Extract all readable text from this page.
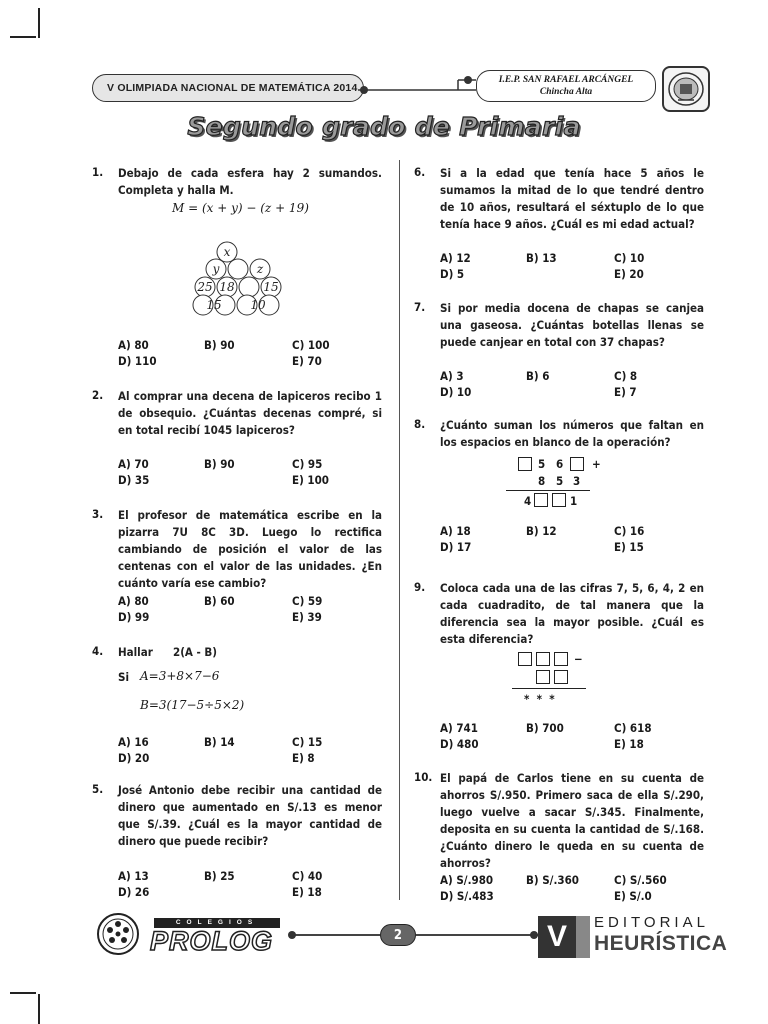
V OLIMPIADA NACIONAL DE MATEMÁTICA 2014
I.E.P. SAN RAFAEL ARCÁNGEL
Chincha Alta
Segundo grado de Primaria
1. Debajo de cada esfera hay 2 sumandos. Completa y halla M.
M = (x + y) − (z + 19)
x
y	z
25 18 15
15 10
A) 80	B) 90	C) 100
D) 110	E) 70
2. Al comprar una decena de lapiceros recibo 1 de obsequio. ¿Cuántas decenas compré, si en total recibí 1045 lapiceros?
A) 70	B) 90	C) 95
D) 35	E) 100
3. El profesor de matemática escribe en la pizarra 7U 8C 3D. Luego lo rectifica cambiando de posición el valor de las centenas con el valor de las unidades. ¿En cuánto varía ese cambio?
A) 80	B) 60	C) 59
D) 99	E) 39
4. Hallar 2(A - B)
Si A=3+8×7−6
B=3(17−5÷5×2)
A) 16	B) 14	C) 15
D) 20	E) 8
5. José Antonio debe recibir una cantidad de dinero que aumentado en S/.13 es menor que S/.39. ¿Cuál es la mayor cantidad de dinero que puede recibir?
A) 13	B) 25	C) 40
D) 26	E) 18
6. Si a la edad que tenía hace 5 años le sumamos la mitad de lo que tendré dentro de 10 años, resultará el séxtuplo de lo que tenía hace 9 años. ¿Cuál es mi edad actual?
A) 12	B) 13	C) 10
D) 5	E) 20
7. Si por media docena de chapas se canjea una gaseosa. ¿Cuántas botellas llenas se puede canjear en total con 37 chapas?
A) 3	B) 6	C) 8
D) 10	E) 7
8. ¿Cuánto suman los números que faltan en los espacios en blanco de la operación?
5 6	+
8 5 3
4	1
A) 18	B) 12	C) 16
D) 17	E) 15
9. Coloca cada una de las cifras 7, 5, 6, 4, 2 en cada cuadradito, de tal manera que la diferencia sea la mayor posible. ¿Cuál es esta diferencia?
−
*  *  *
A) 741	B) 700	C) 618
D) 480	E) 18
10. El papá de Carlos tiene en su cuenta de ahorros S/.950. Primero saca de ella S/.290, luego vuelve a sacar S/.345. Finalmente, deposita en su cuenta la cantidad de S/.168. ¿Cuánto dinero le queda en su cuenta de ahorros?
A) S/.980	B) S/.360	C) S/.560
D) S/.483	E) S/.0
COLEGIOS
PROLOG	2	V EDITORIAL
HEURÍSTICA
